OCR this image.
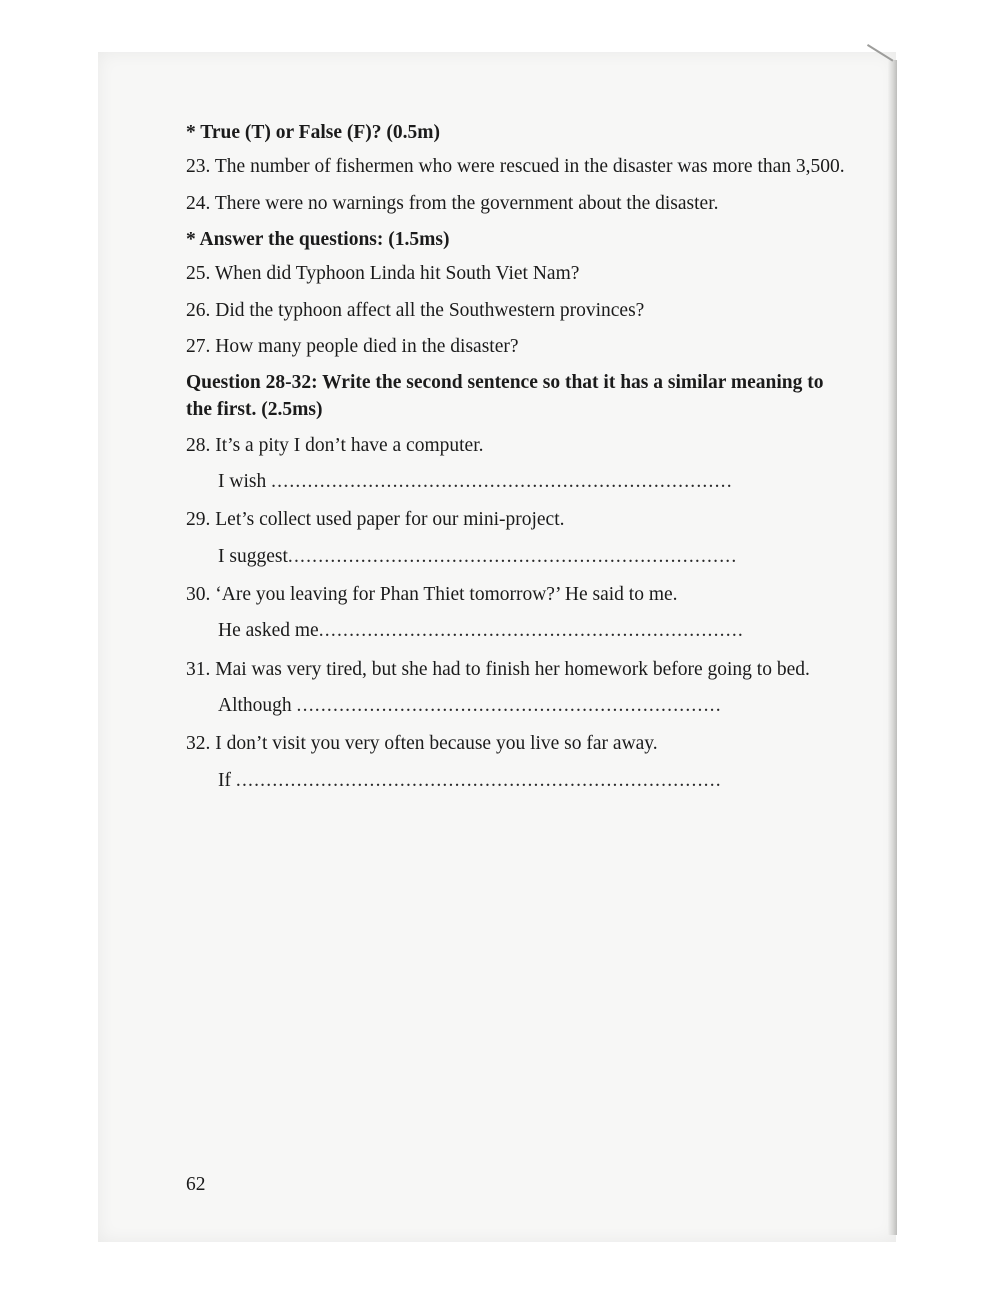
* True (T) or False (F)? (0.5m)
23. The number of fishermen who were rescued in the disaster was more than 3,500.
24. There were no warnings from the government about the disaster.
* Answer the questions: (1.5ms)
25. When did Typhoon Linda hit South Viet Nam?
26. Did the typhoon affect all the Southwestern provinces?
27. How many people died in the disaster?
Question 28-32: Write the second sentence so that it has a similar meaning to the first. (2.5ms)
28. It’s a pity I don’t have a computer.
I wish ............................................................................
29. Let’s collect used paper for our mini-project.
I suggest..........................................................................
30. ‘Are you leaving for Phan Thiet tomorrow?’ He said to me.
He asked me......................................................................
31. Mai was very tired, but she had to finish her homework before going to bed.
Although ......................................................................
32. I don’t visit you very often because you live so far away.
If ................................................................................
62
